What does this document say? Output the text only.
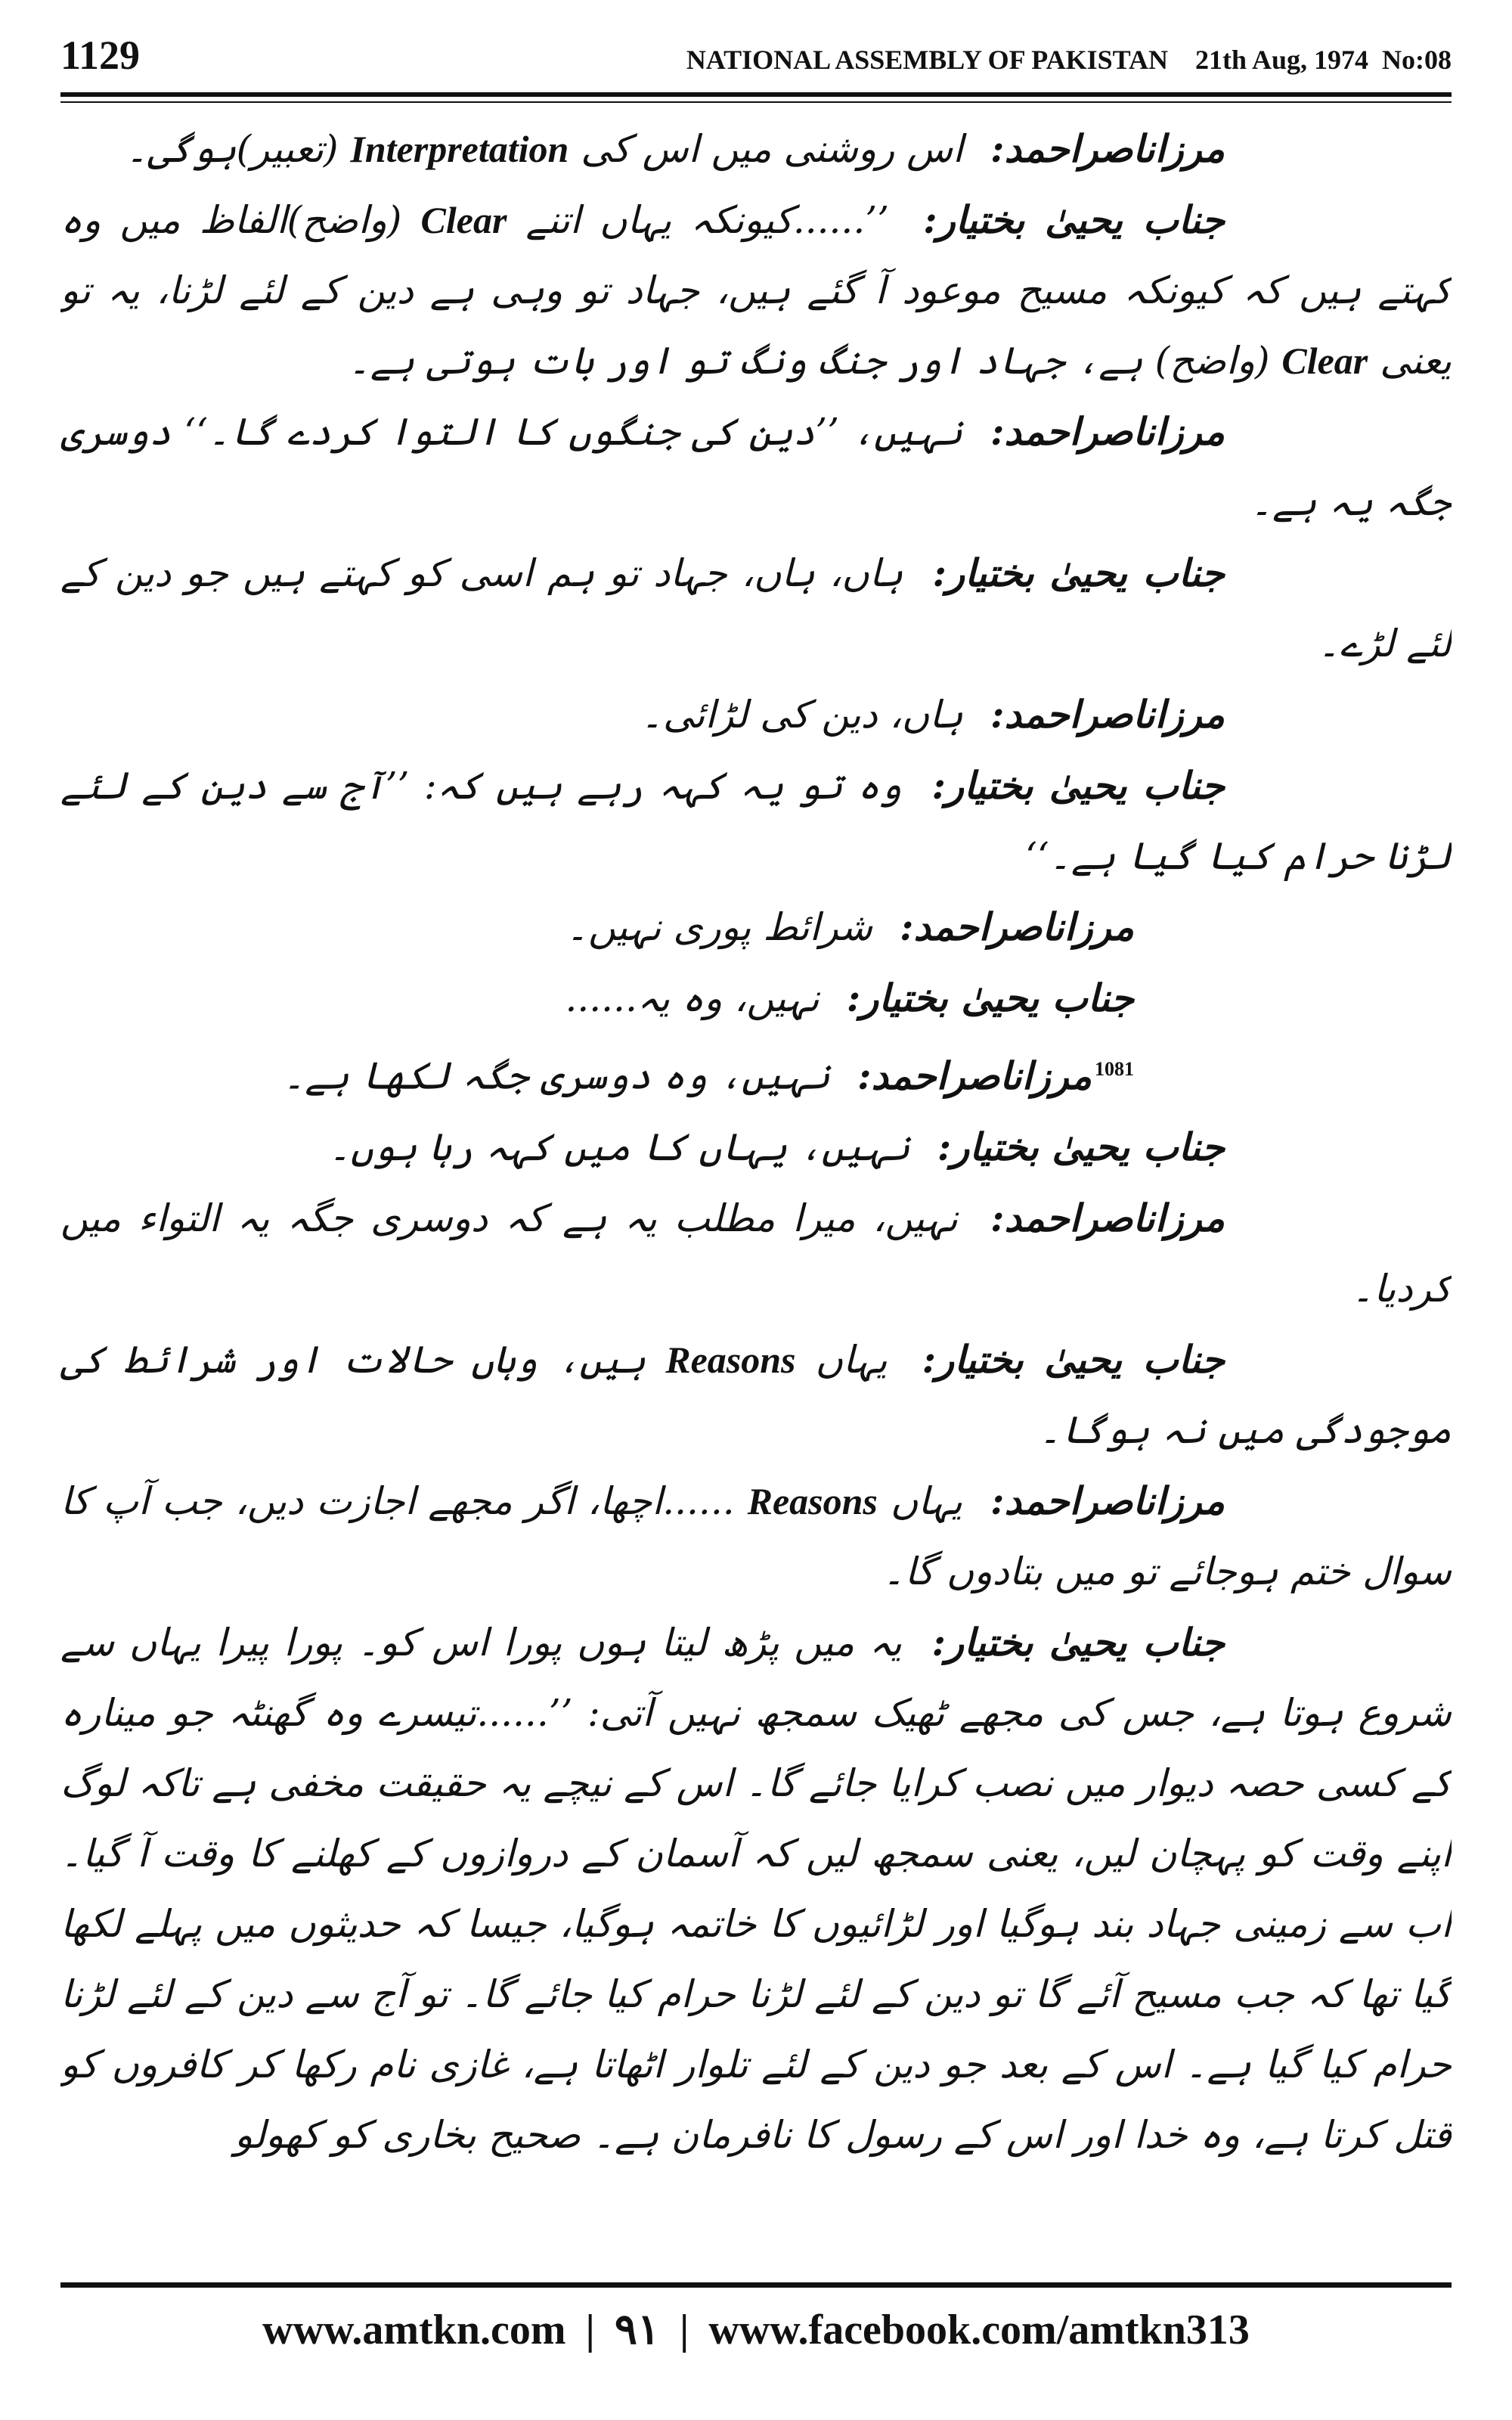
1129	NATIONAL ASSEMBLY OF PAKISTAN 21th Aug, 1974 No:08

مرزاناصراحمد : اس روشنی میں اس کی Interpretation (تعبیر)ہوگی۔

جناب یحییٰ بختیار : ’’......کیونکہ یہاں اتنے Clear (واضح)الفاظ میں وہ کہتے ہیں کہ کیونکہ مسیح موعود آ گئے ہیں، جہاد تو وہی ہے دین کے لئے لڑنا، یہ تو یعنی Clear (واضح) ہے، جہاد اور جنگ ونگ تو اور بات ہوتی ہے۔

مرزاناصراحمد : نہیں، ’’دین کی جنگوں کا التوا کردے گا۔‘‘ دوسری جگہ یہ ہے۔

جناب یحییٰ بختیار : ہاں، ہاں، جہاد تو ہم اسی کو کہتے ہیں جو دین کے لئے لڑے۔

مرزاناصراحمد : ہاں، دین کی لڑائی۔

جناب یحییٰ بختیار : وہ تو یہ کہہ رہے ہیں کہ: ’’آج سے دین کے لئے لڑنا حرام کیا گیا ہے۔‘‘

مرزاناصراحمد : شرائط پوری نہیں۔

جناب یحییٰ بختیار : نہیں، وہ یہ......

$^{1081}$مرزاناصراحمد : نہیں، وہ دوسری جگہ لکھا ہے۔

جناب یحییٰ بختیار : نہیں، یہاں کا میں کہہ رہا ہوں۔

مرزاناصراحمد : نہیں، میرا مطلب یہ ہے کہ دوسری جگہ یہ التواء میں کردیا۔

جناب یحییٰ بختیار : یہاں Reasons ہیں، وہاں حالات اور شرائط کی موجودگی میں نہ ہوگا۔

مرزاناصراحمد : یہاں Reasons ......اچھا، اگر مجھے اجازت دیں، جب آپ کا سوال ختم ہوجائے تو میں بتادوں گا۔

جناب یحییٰ بختیار : یہ میں پڑھ لیتا ہوں پورا اس کو۔ پورا پیرا یہاں سے شروع ہوتا ہے، جس کی مجھے ٹھیک سمجھ نہیں آتی: ’’......تیسرے وہ گھنٹہ جو مینارہ کے کسی حصہ دیوار میں نصب کرایا جائے گا۔ اس کے نیچے یہ حقیقت مخفی ہے تاکہ لوگ اپنے وقت کو پہچان لیں، یعنی سمجھ لیں کہ آسمان کے دروازوں کے کھلنے کا وقت آ گیا۔ اب سے زمینی جہاد بند ہوگیا اور لڑائیوں کا خاتمہ ہوگیا، جیسا کہ حدیثوں میں پہلے لکھا گیا تھا کہ جب مسیح آئے گا تو دین کے لئے لڑنا حرام کیا جائے گا۔ تو آج سے دین کے لئے لڑنا حرام کیا گیا ہے۔ اس کے بعد جو دین کے لئے تلوار اٹھاتا ہے، غازی نام رکھا کر کافروں کو قتل کرتا ہے، وہ خدا اور اس کے رسول کا نافرمان ہے۔ صحیح بخاری کو کھولو

www.amtkn.com | ۹۱ | www.facebook.com/amtkn313
